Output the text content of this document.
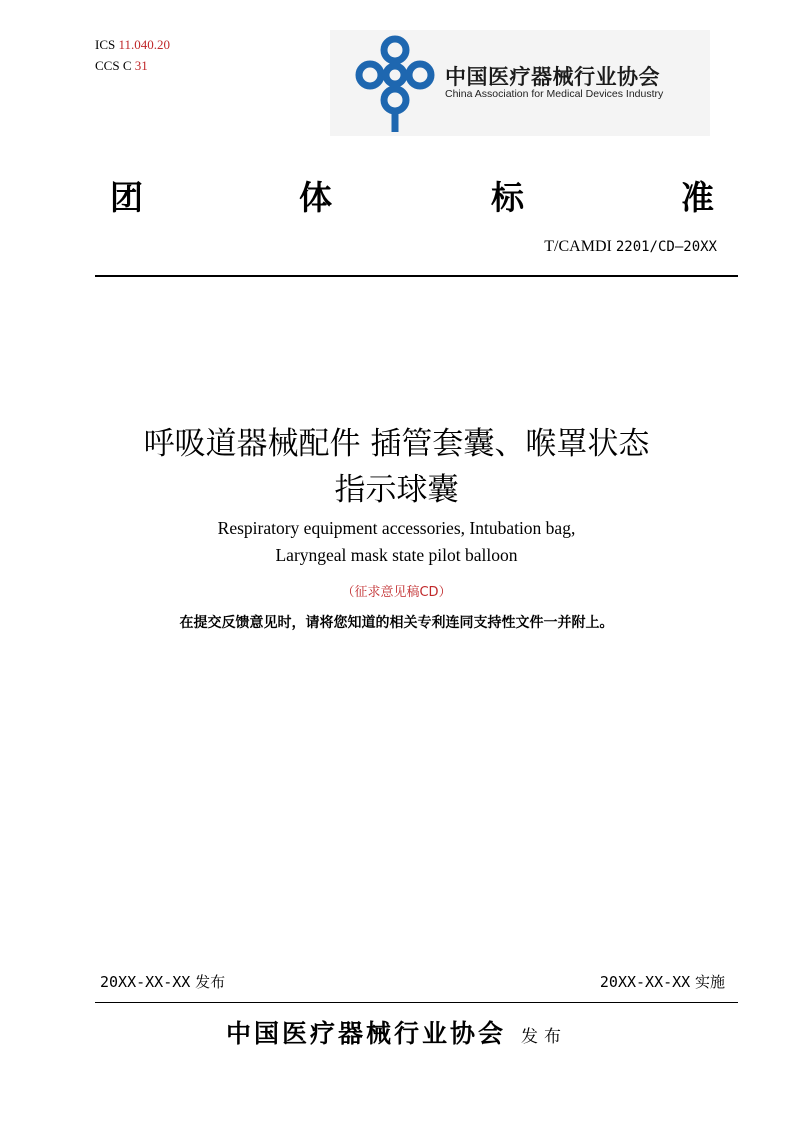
ICS 11.040.20
CCS C 31	中国医疗器械行业协会
China Association for Medical Devices Industry
团	体	标	准
T/CAMDI 2201/CD—20XX
呼吸道器械配件 插管套囊、喉罩状态
指示球囊
Respiratory equipment accessories, Intubation bag,
Laryngeal mask state pilot balloon
（征求意见稿CD）
在提交反馈意见时，请将您知道的相关专利连同支持性文件一并附上。
20XX-XX-XX 发布	20XX-XX-XX 实施
中国医疗器械行业协会 发布
